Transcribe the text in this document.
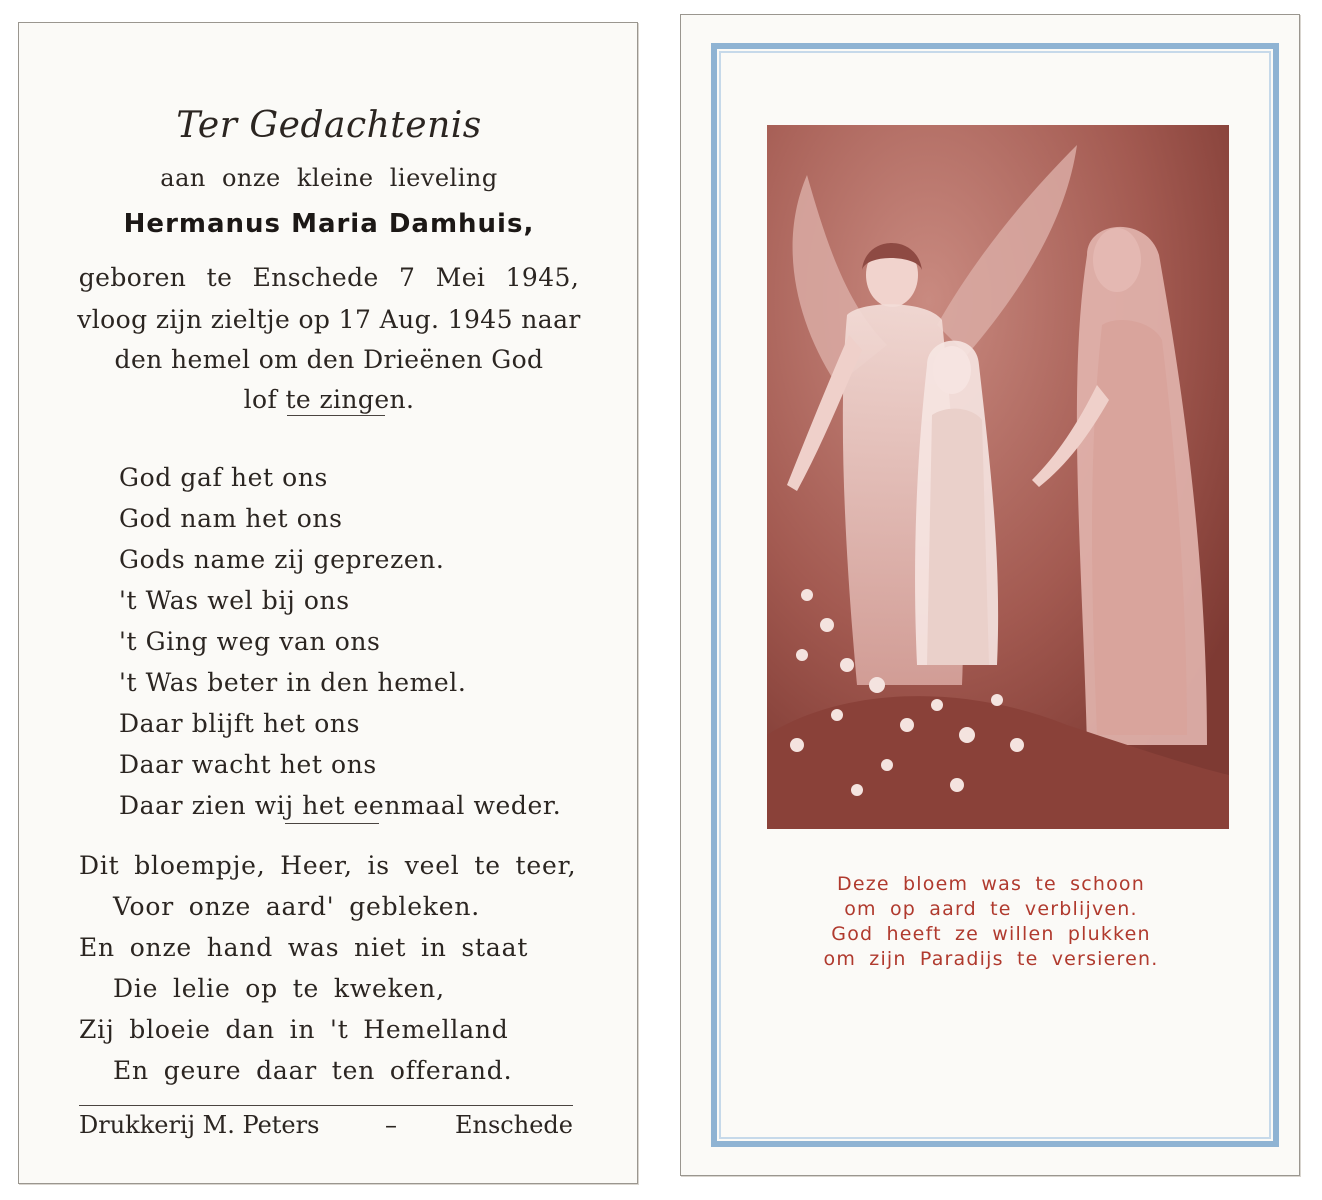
Ter Gedachtenis
aan onze kleine lieveling
Hermanus Maria Damhuis,
geboren te Enschede 7 Mei 1945,
vloog zijn zieltje op 17 Aug. 1945 naar
den hemel om den Drieënen God
lof te zingen.
God gaf het ons
God nam het ons
Gods name zij geprezen.
't Was wel bij ons
't Ging weg van ons
't Was beter in den hemel.
Daar blijft het ons
Daar wacht het ons
Daar zien wij het eenmaal weder.
Dit bloempje, Heer, is veel te teer,
Voor onze aard' gebleken.
En onze hand was niet in staat
Die lelie op te kweken,
Zij bloeie dan in 't Hemelland
En geure daar ten offerand.
Drukkerij M. Peters	– Enschede
Deze bloem was te schoon
om op aard te verblijven.
God heeft ze willen plukken
om zijn Paradijs te versieren.
